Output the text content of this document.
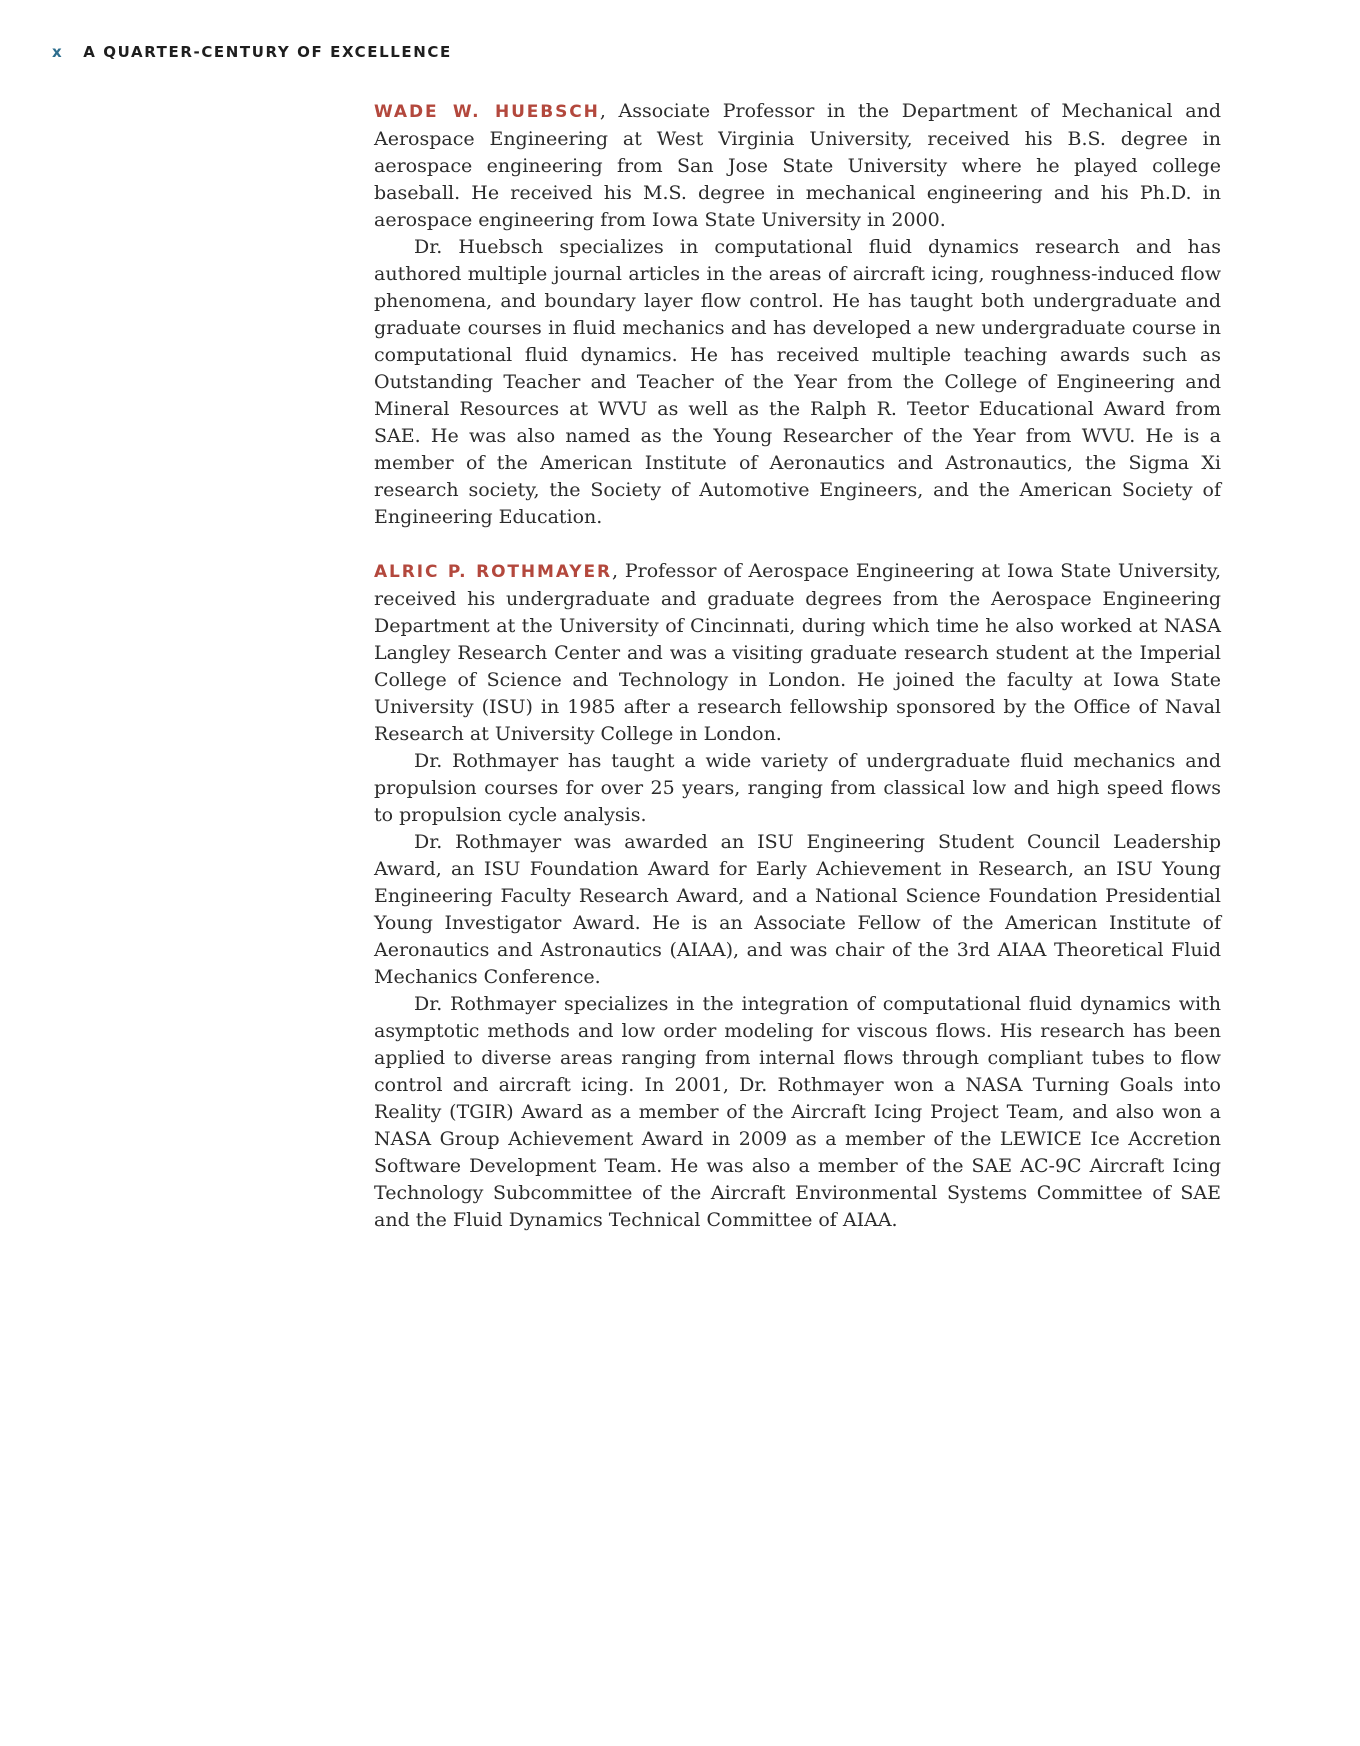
x A QUARTER-CENTURY OF EXCELLENCE

WADE W. HUEBSCH, Associate Professor in the Department of Mechanical and Aerospace Engineering at West Virginia University, received his B.S. degree in aerospace engineering from San Jose State University where he played college baseball. He received his M.S. degree in mechanical engineering and his Ph.D. in aerospace engineering from Iowa State University in 2000.

Dr. Huebsch specializes in computational fluid dynamics research and has authored multiple journal articles in the areas of aircraft icing, roughness-induced flow phenomena, and boundary layer flow control. He has taught both undergraduate and graduate courses in fluid mechanics and has developed a new undergraduate course in computational fluid dynamics. He has received multiple teaching awards such as Outstanding Teacher and Teacher of the Year from the College of Engineering and Mineral Resources at WVU as well as the Ralph R. Teetor Educational Award from SAE. He was also named as the Young Researcher of the Year from WVU. He is a member of the American Institute of Aeronautics and Astronautics, the Sigma Xi research society, the Society of Automotive Engineers, and the American Society of Engineering Education.

ALRIC P. ROTHMAYER, Professor of Aerospace Engineering at Iowa State University, received his undergraduate and graduate degrees from the Aerospace Engineering Department at the University of Cincinnati, during which time he also worked at NASA Langley Research Center and was a visiting graduate research student at the Imperial College of Science and Technology in London. He joined the faculty at Iowa State University (ISU) in 1985 after a research fellowship sponsored by the Office of Naval Research at University College in London.

Dr. Rothmayer has taught a wide variety of undergraduate fluid mechanics and propulsion courses for over 25 years, ranging from classical low and high speed flows to propulsion cycle analysis.

Dr. Rothmayer was awarded an ISU Engineering Student Council Leadership Award, an ISU Foundation Award for Early Achievement in Research, an ISU Young Engineering Faculty Research Award, and a National Science Foundation Presidential Young Investigator Award. He is an Associate Fellow of the American Institute of Aeronautics and Astronautics (AIAA), and was chair of the 3rd AIAA Theoretical Fluid Mechanics Conference.

Dr. Rothmayer specializes in the integration of computational fluid dynamics with asymptotic methods and low order modeling for viscous flows. His research has been applied to diverse areas ranging from internal flows through compliant tubes to flow control and aircraft icing. In 2001, Dr. Rothmayer won a NASA Turning Goals into Reality (TGIR) Award as a member of the Aircraft Icing Project Team, and also won a NASA Group Achievement Award in 2009 as a member of the LEWICE Ice Accretion Software Development Team. He was also a member of the SAE AC-9C Aircraft Icing Technology Subcommittee of the Aircraft Environmental Systems Committee of SAE and the Fluid Dynamics Technical Committee of AIAA.
